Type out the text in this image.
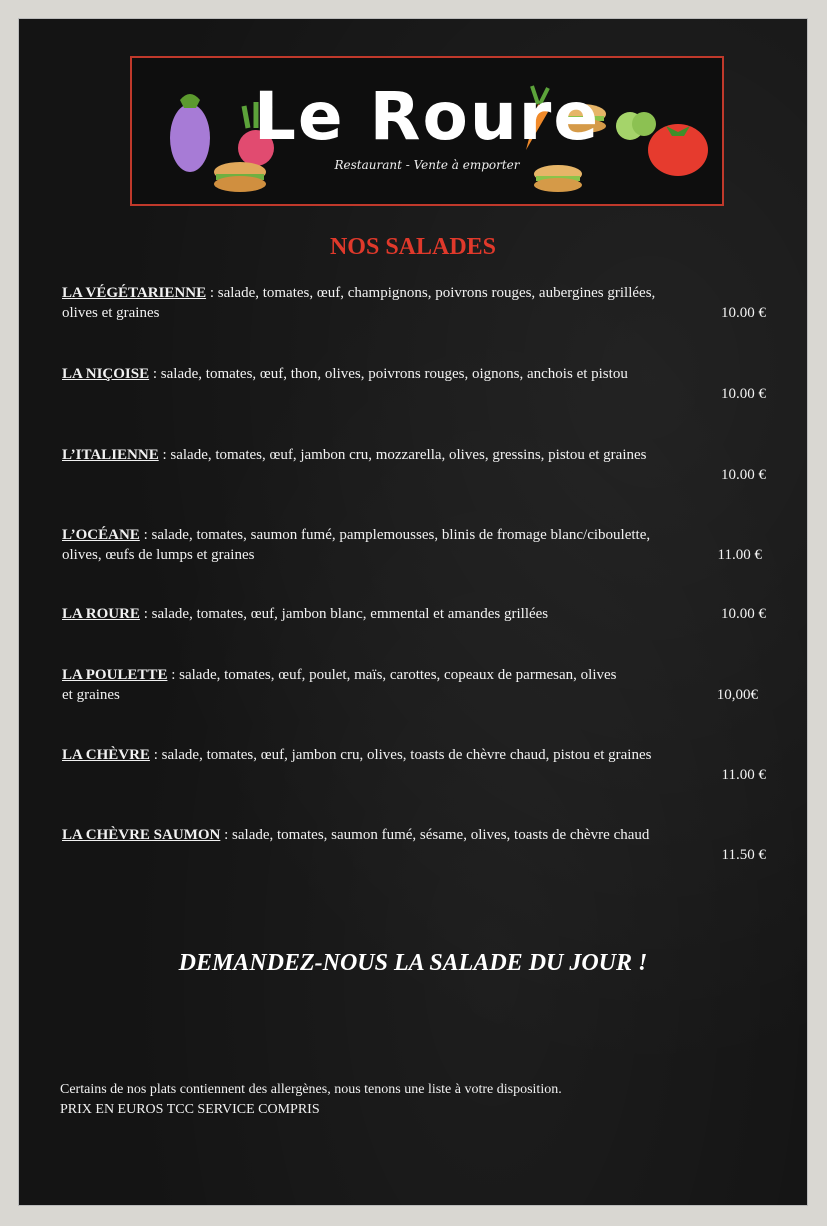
Le Roure
Restaurant - Vente à emporter
NOS SALADES
LA VÉGÉTARIENNE : salade, tomates, œuf, champignons, poivrons rouges, aubergines grillées,
olives et graines	10.00 €
LA NIÇOISE : salade, tomates, œuf, thon, olives, poivrons rouges, oignons, anchois et pistou

10.00 €
L’ITALIENNE : salade, tomates, œuf, jambon cru, mozzarella, olives, gressins, pistou et graines

10.00 €
L’OCÉANE : salade, tomates, saumon fumé, pamplemousses, blinis de fromage blanc/ciboulette,
olives, œufs de lumps et graines	11.00 €
LA ROURE : salade, tomates, œuf, jambon blanc, emmental et amandes grillées	10.00 €
LA POULETTE : salade, tomates, œuf, poulet, maïs, carottes, copeaux de parmesan, olives
et graines	10,00€
LA CHÈVRE : salade, tomates, œuf, jambon cru, olives, toasts de chèvre chaud, pistou et graines

11.00 €
LA CHÈVRE SAUMON : salade, tomates, saumon fumé, sésame, olives, toasts de chèvre chaud

11.50 €
DEMANDEZ-NOUS LA SALADE DU JOUR !
Certains de nos plats contiennent des allergènes, nous tenons une liste à votre disposition.
PRIX EN EUROS TCC SERVICE COMPRIS
